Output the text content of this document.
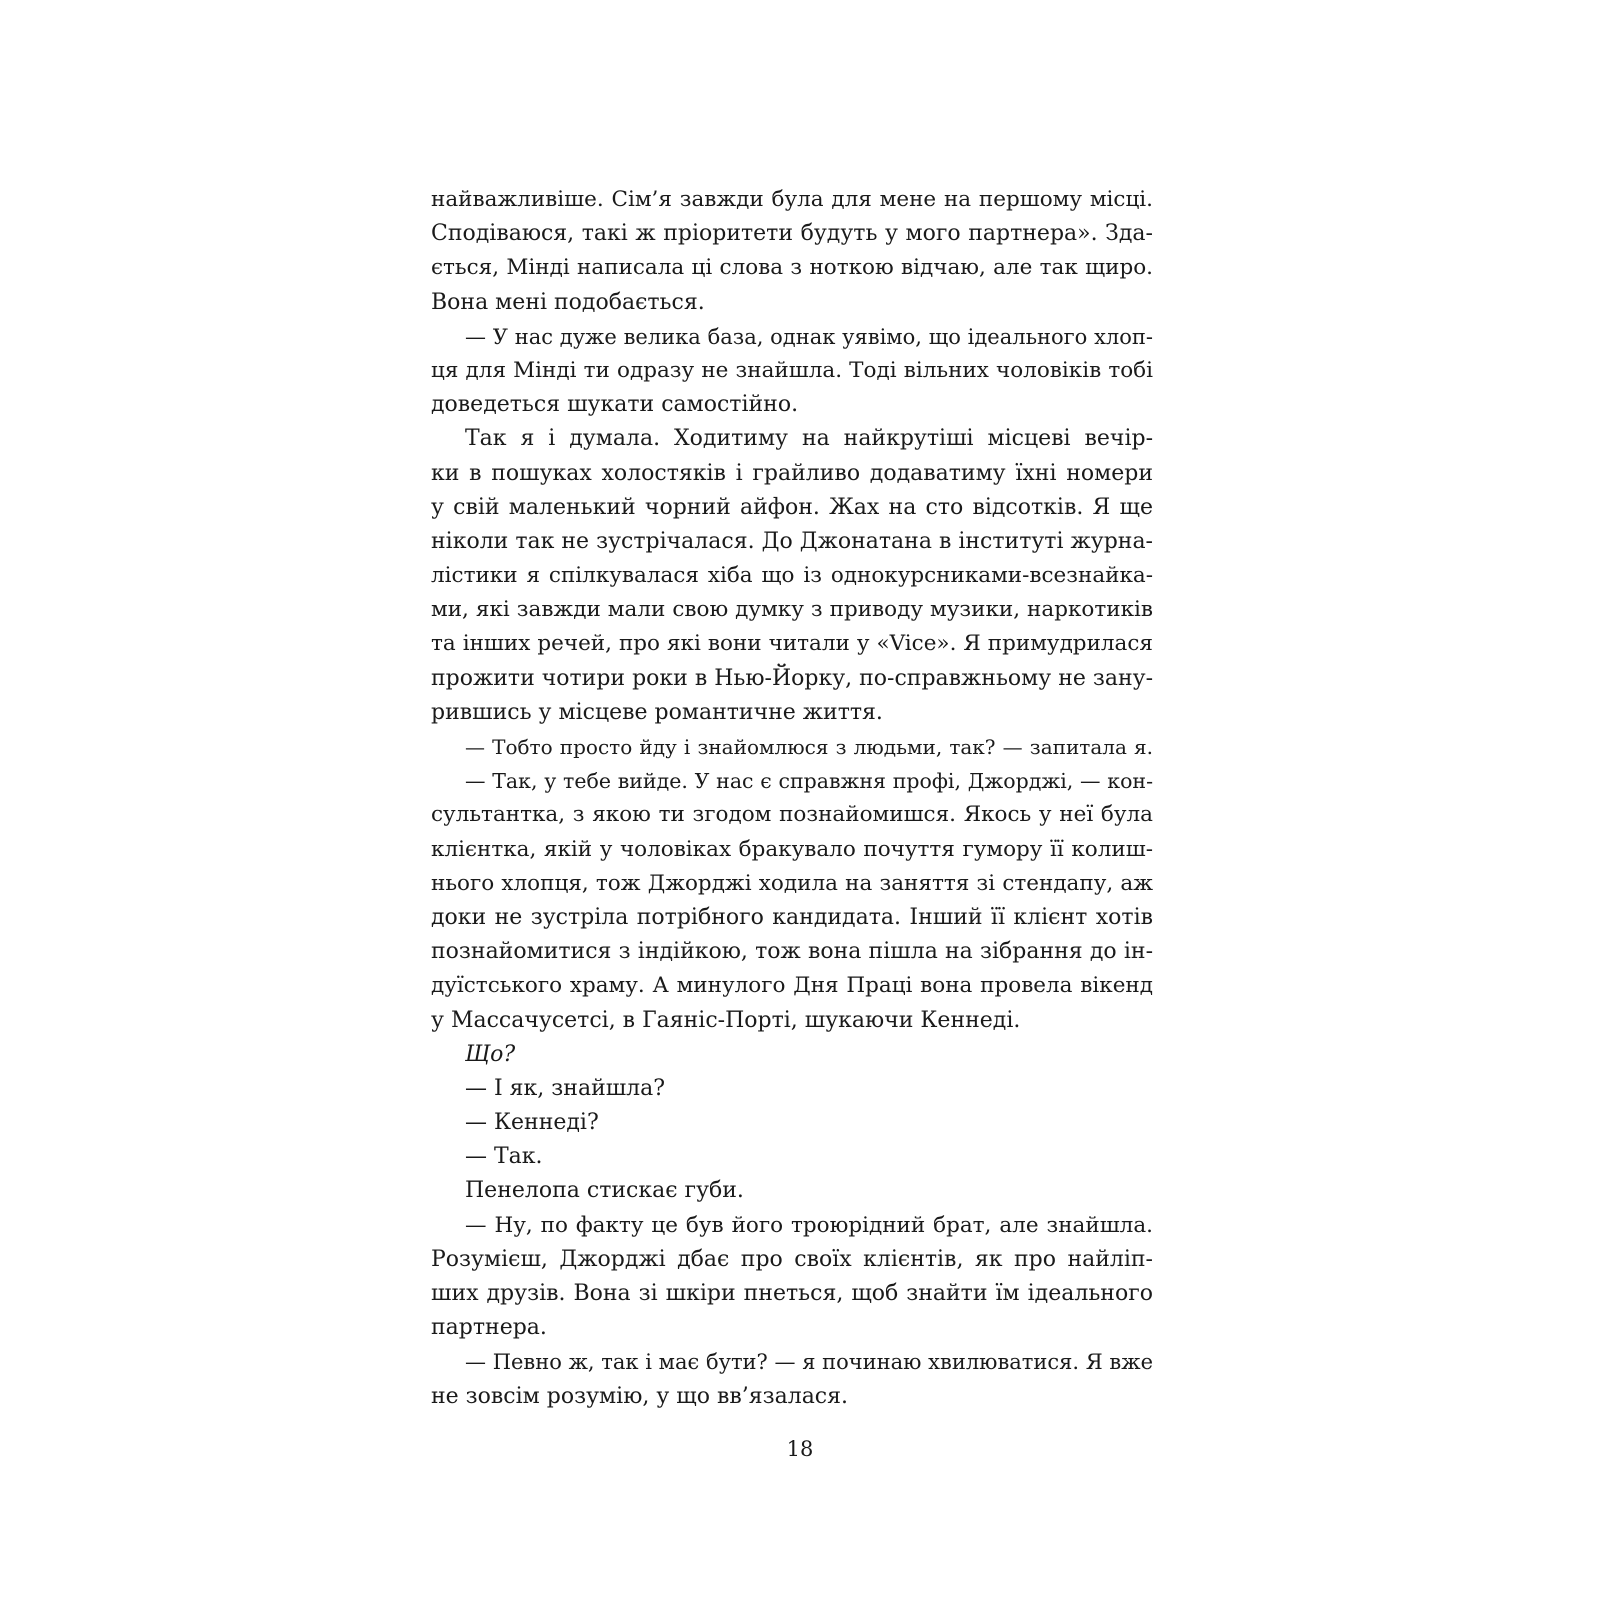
найважливіше. Сім’я завжди була для мене на першому місці.
Сподіваюся, такі ж пріоритети будуть у мого партнера». Зда-
ється, Мінді написала ці слова з ноткою відчаю, але так щиро.
Вона мені подобається.
— У нас дуже велика база, однак уявімо, що ідеального хлоп-
ця для Мінді ти одразу не знайшла. Тоді вільних чоловіків тобі
доведеться шукати самостійно.
Так я і думала. Ходитиму на найкрутіші місцеві вечір-
ки в пошуках холостяків і грайливо додаватиму їхні номери
у свій маленький чорний айфон. Жах на сто відсотків. Я ще
ніколи так не зустрічалася. До Джонатана в інституті журна-
лістики я спілкувалася хіба що із однокурсниками-всезнайка-
ми, які завжди мали свою думку з приводу музики, наркотиків
та інших речей, про які вони читали у «Vice». Я примудрилася
прожити чотири роки в Нью-Йорку, по-справжньому не зану-
рившись у місцеве романтичне життя.
— Тобто просто йду і знайомлюся з людьми, так? — запитала я.
— Так, у тебе вийде. У нас є справжня профі, Джорджі, — кон-
сультантка, з якою ти згодом познайомишся. Якось у неї була
клієнтка, якій у чоловіках бракувало почуття гумору її колиш-
нього хлопця, тож Джорджі ходила на заняття зі стендапу, аж
доки не зустріла потрібного кандидата. Інший її клієнт хотів
познайомитися з індійкою, тож вона пішла на зібрання до ін-
дуїстського храму. А минулого Дня Праці вона провела вікенд
у Массачусетсі, в Гаяніс-Порті, шукаючи Кеннеді.
Що?
— І як, знайшла?
— Кеннеді?
— Так.
Пенелопа стискає губи.
— Ну, по факту це був його троюрідний брат, але знайшла.
Розумієш, Джорджі дбає про своїх клієнтів, як про найліп-
ших друзів. Вона зі шкіри пнеться, щоб знайти їм ідеального
партнера.
— Певно ж, так і має бути? — я починаю хвилюватися. Я вже
не зовсім розумію, у що вв’язалася.
18
